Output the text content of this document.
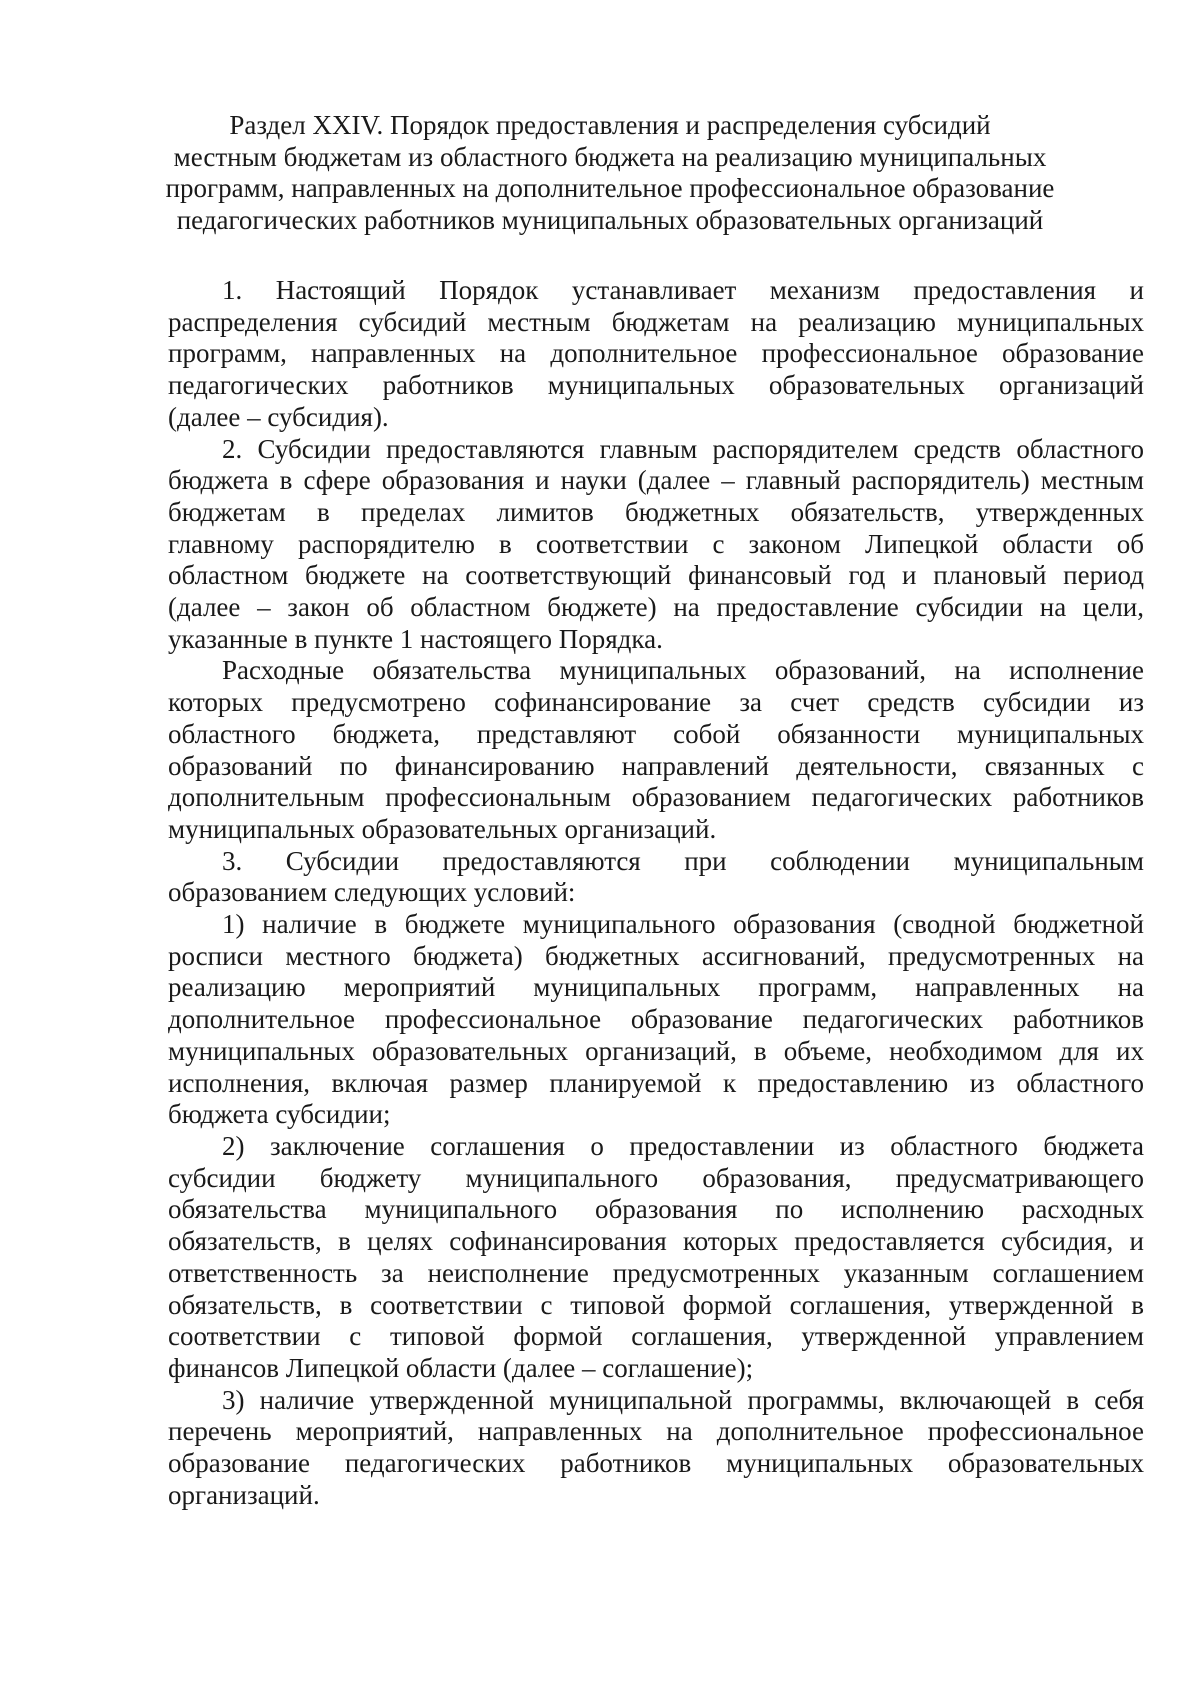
Раздел XXIV. Порядок предоставления и распределения субсидий
местным бюджетам из областного бюджета на реализацию муниципальных
программ, направленных на дополнительное профессиональное образование
педагогических работников муниципальных образовательных организаций

1. Настоящий Порядок устанавливает механизм предоставления и
распределения субсидий местным бюджетам на реализацию муниципальных
программ, направленных на дополнительное профессиональное образование
педагогических работников муниципальных образовательных организаций
(далее – субсидия).

2. Субсидии предоставляются главным распорядителем средств областного
бюджета в сфере образования и науки (далее – главный распорядитель) местным
бюджетам в пределах лимитов бюджетных обязательств, утвержденных
главному распорядителю в соответствии с законом Липецкой области об
областном бюджете на соответствующий финансовый год и плановый период
(далее – закон об областном бюджете) на предоставление субсидии на цели,
указанные в пункте 1 настоящего Порядка.

Расходные обязательства муниципальных образований, на исполнение
которых предусмотрено софинансирование за счет средств субсидии из
областного бюджета, представляют собой обязанности муниципальных
образований по финансированию направлений деятельности, связанных с
дополнительным профессиональным образованием педагогических работников
муниципальных образовательных организаций.

3. Субсидии предоставляются при соблюдении муниципальным
образованием следующих условий:

1) наличие в бюджете муниципального образования (сводной бюджетной
росписи местного бюджета) бюджетных ассигнований, предусмотренных на
реализацию мероприятий муниципальных программ, направленных на
дополнительное профессиональное образование педагогических работников
муниципальных образовательных организаций, в объеме, необходимом для их
исполнения, включая размер планируемой к предоставлению из областного
бюджета субсидии;

2) заключение соглашения о предоставлении из областного бюджета
субсидии бюджету муниципального образования, предусматривающего
обязательства муниципального образования по исполнению расходных
обязательств, в целях софинансирования которых предоставляется субсидия, и
ответственность за неисполнение предусмотренных указанным соглашением
обязательств, в соответствии с типовой формой соглашения, утвержденной в
соответствии с типовой формой соглашения, утвержденной управлением
финансов Липецкой области (далее – соглашение);

3) наличие утвержденной муниципальной программы, включающей в себя
перечень мероприятий, направленных на дополнительное профессиональное
образование педагогических работников муниципальных образовательных
организаций.
